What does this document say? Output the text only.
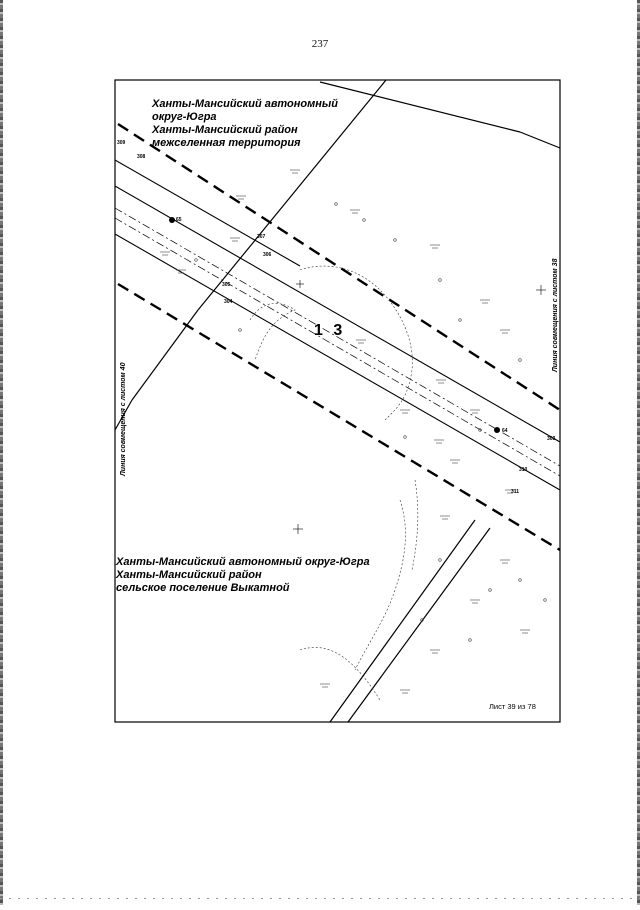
237
Ханты-Мансийский автономный
округ-Югра
Ханты-Мансийский район
межселенная территория
Ханты-Мансийский автономный округ-Югра
Ханты-Мансийский район
сельское поселение Выкатной
1 3	Линия совмещения с листом 38
Линия совмещения с листом 40
309
308
307
306
305
304
303
310
311
65
64
Лист 39 из 78
